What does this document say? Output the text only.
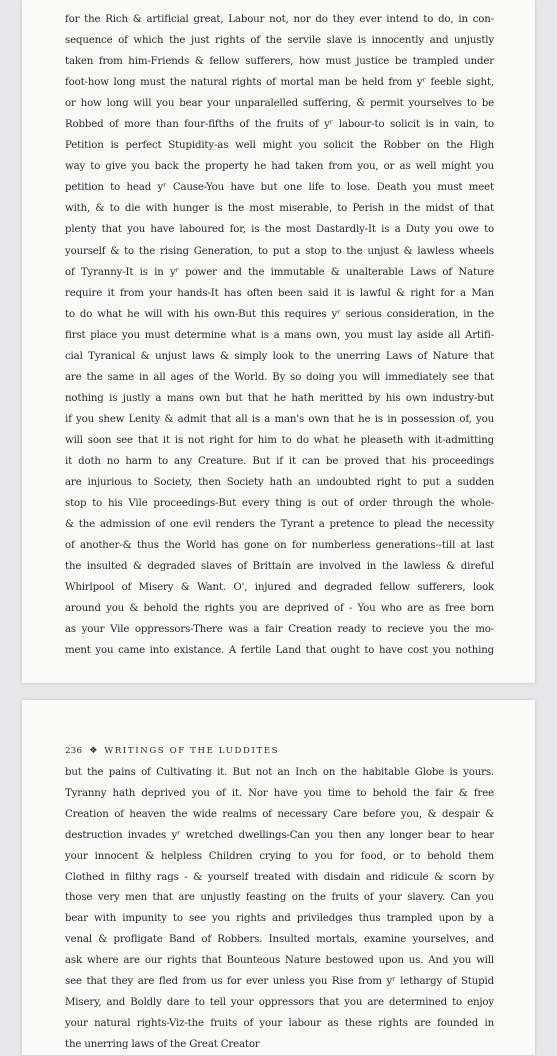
for the Rich & artificial great, Labour not, nor do they ever intend to do, in con-
sequence of which the just rights of the servile slave is innocently and unjustly
taken from him-Friends & fellow sufferers, how must justice be trampled under
foot-how long must the natural rights of mortal man be held from yʳ feeble sight,
or how long will you bear your unparalelled suffering, & permit yourselves to be
Robbed of more than four-fifths of the fruits of yʳ labour-to solicit is in vain, to
Petition is perfect Stupidity-as well might you solicit the Robber on the High
way to give you back the property he had taken from you, or as well might you
petition to head yʳ Cause-You have but one life to lose. Death you must meet
with, & to die with hunger is the most miserable, to Perish in the midst of that
plenty that you have laboured for, is the most Dastardly-It is a Duty you owe to
yourself & to the rising Generation, to put a stop to the unjust & lawless wheels
of Tyranny-It is in yʳ power and the immutable & unalterable Laws of Nature
require it from your hands-It has often been said it is lawful & right for a Man
to do what he will with his own-But this requires yʳ serious consideration, in the
first place you must determine what is a mans own, you must lay aside all Artifi-
cial Tyranical & unjust laws & simply look to the unerring Laws of Nature that
are the same in all ages of the World. By so doing you will immediately see that
nothing is justly a mans own but that he hath meritted by his own industry-but
if you shew Lenity & admit that all is a man's own that he is in possession of, you
will soon see that it is not right for him to do what he pleaseth with it-admitting
it doth no harm to any Creature. But if it can be proved that his proceedings
are injurious to Society, then Society hath an undoubted right to put a sudden
stop to his Vile proceedings-But every thing is out of order through the whole-
& the admission of one evil renders the Tyrant a pretence to plead the necessity
of another-& thus the World has gone on for numberless generations--till at last
the insulted & degraded slaves of Brittain are involved in the lawless & direful
Whirlpool of Misery & Want. O', injured and degraded fellow sufferers, look
around you & behold the rights you are deprived of - You who are as free born
as your Vile oppressors-There was a fair Creation ready to recieve you the mo-
ment you came into existance. A fertile Land that ought to have cost you nothing
236 ❖ WRITINGS OF THE LUDDITES
but the pains of Cultivating it. But not an Inch on the habitable Globe is yours.
Tyranny hath deprived you of it. Nor have you time to behold the fair & free
Creation of heaven the wide realms of necessary Care before you, & despair &
destruction invades yʳ wretched dwellings-Can you then any longer bear to hear
your innocent & helpless Children crying to you for food, or to behold them
Clothed in filthy rags - & yourself treated with disdain and ridicule & scorn by
those very men that are unjustly feasting on the fruits of your slavery. Can you
bear with impunity to see you rights and priviledges thus trampled upon by a
venal & profligate Band of Robbers. Insulted mortals, examine yourselves, and
ask where are our rights that Bounteous Nature bestowed upon us. And you will
see that they are fled from us for ever unless you Rise from yʳ lethargy of Stupid
Misery, and Boldly dare to tell your oppressors that you are determined to enjoy
your natural rights-Viz-the fruits of your labour as these rights are founded in
the unerring laws of the Great Creator
